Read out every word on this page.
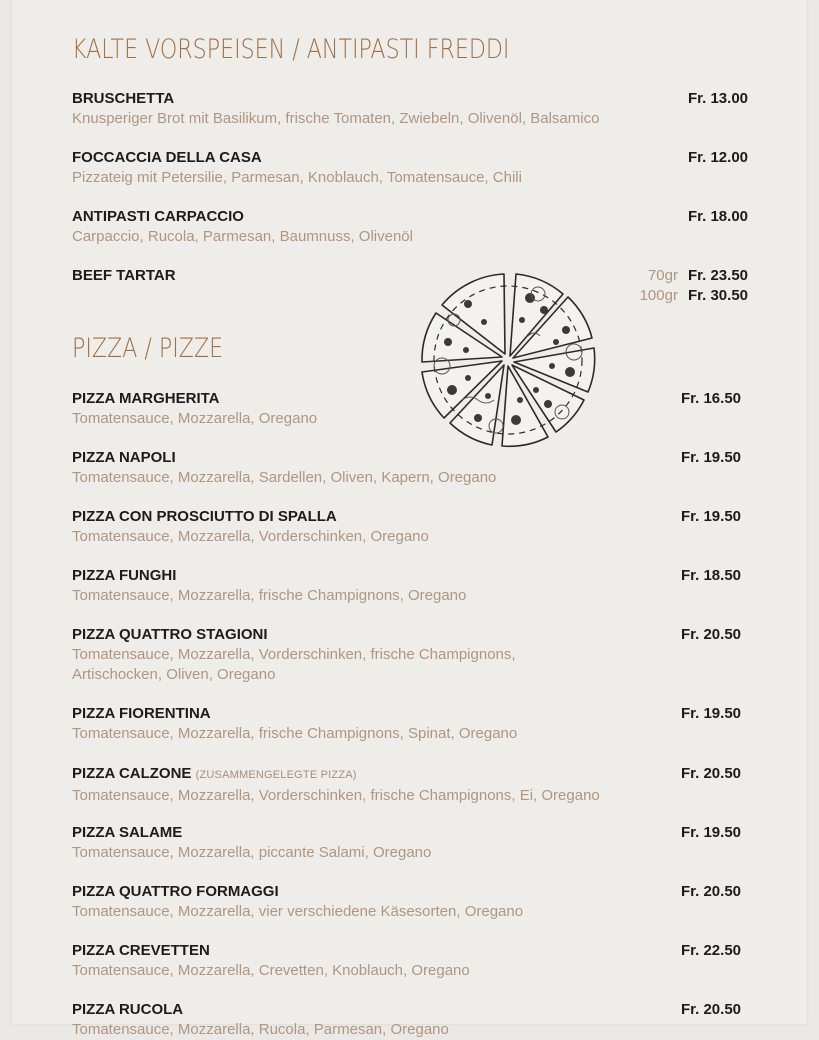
KALTE VORSPEISEN / ANTIPASTI FREDDI
BRUSCHETTA
Knusperiger Brot mit Basilikum, frische Tomaten, Zwiebeln, Olivenöl, Balsamico
Fr. 13.00
FOCCACCIA DELLA CASA
Pizzateig mit Petersilie, Parmesan, Knoblauch, Tomatensauce, Chili
Fr. 12.00
ANTIPASTI CARPACCIO
Carpaccio, Rucola, Parmesan, Baumnuss, Olivenöl
Fr. 18.00
BEEF TARTAR	70gr Fr. 23.50
100gr Fr. 30.50
PIZZA / PIZZE
PIZZA MARGHERITA
Tomatensauce, Mozzarella, Oregano
Fr. 16.50
PIZZA NAPOLI
Tomatensauce, Mozzarella, Sardellen, Oliven, Kapern, Oregano
Fr. 19.50
PIZZA CON PROSCIUTTO DI SPALLA
Tomatensauce, Mozzarella, Vorderschinken, Oregano
Fr. 19.50
PIZZA FUNGHI
Tomatensauce, Mozzarella, frische Champignons, Oregano
Fr. 18.50
PIZZA QUATTRO STAGIONI
Tomatensauce, Mozzarella, Vorderschinken, frische Champignons,
Artischocken, Oliven, Oregano
Fr. 20.50
PIZZA FIORENTINA
Tomatensauce, Mozzarella, frische Champignons, Spinat, Oregano
Fr. 19.50
PIZZA CALZONE (ZUSAMMENGELEGTE PIZZA)
Tomatensauce, Mozzarella, Vorderschinken, frische Champignons, Ei, Oregano
Fr. 20.50
PIZZA SALAME
Tomatensauce, Mozzarella, piccante Salami, Oregano
Fr. 19.50
PIZZA QUATTRO FORMAGGI
Tomatensauce, Mozzarella, vier verschiedene Käsesorten, Oregano
Fr. 20.50
PIZZA CREVETTEN
Tomatensauce, Mozzarella, Crevetten, Knoblauch, Oregano
Fr. 22.50
PIZZA RUCOLA
Tomatensauce, Mozzarella, Rucola, Parmesan, Oregano
Fr. 20.50
